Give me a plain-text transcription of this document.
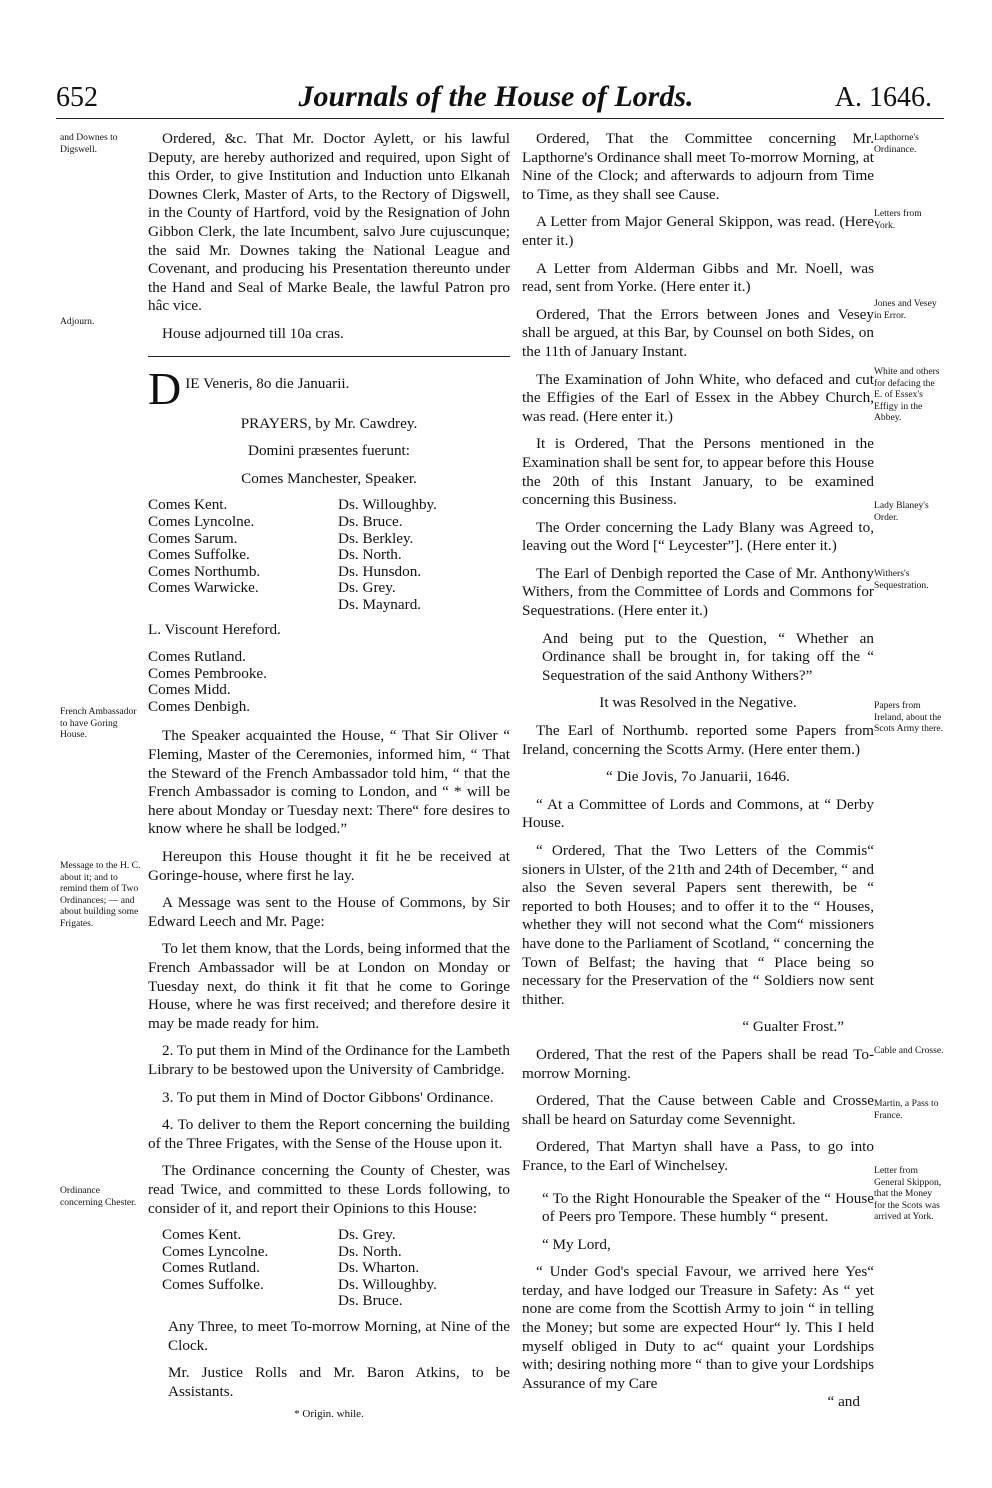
652	Journals of the House of Lords.	A. 1646.
and Downes to Digswell.
Adjourn.
French Ambassador to have Goring House.
Message to the H. C. about it; and to remind them of Two Ordinances; — and about building some Frigates.
Ordinance concerning Chester.
Lapthorne's Ordinance.
Letters from York.
Jones and Vesey in Error.
White and others for defacing the E. of Essex's Effigy in the Abbey.
Lady Blaney's Order.
Withers's Sequestration.
Papers from Ireland, about the Scots Army there.
Cable and Crosse.
Martin, a Pass to France.
Letter from General Skippon, that the Money for the Scots was arrived at York.

Ordered, &c. That Mr. Doctor Aylett, or his lawful Deputy, are hereby authorized and required, upon Sight of this Order, to give Institution and Induction unto Elkanah Downes Clerk, Master of Arts, to the Rectory of Digswell, in the County of Hartford, void by the Resignation of John Gibbon Clerk, the late Incumbent, salvo Jure cujuscunque; the said Mr. Downes taking the National League and Covenant, and producing his Presentation thereunto under the Hand and Seal of Marke Beale, the lawful Patron pro hâc vice.

House adjourned till 10a cras.

D IE Veneris, 8o die Januarii.

PRAYERS, by Mr. Cawdrey.

Domini præsentes fuerunt:

Comes Manchester, Speaker.

Comes Kent.
Comes Lyncolne.
Comes Sarum.
Comes Suffolke.
Comes Northumb.
Comes Warwicke.
Ds. Willoughby.
Ds. Bruce.
Ds. Berkley.
Ds. North.
Ds. Hunsdon.
Ds. Grey.
Ds. Maynard.

L. Viscount Hereford.

Comes Rutland.
Comes Pembrooke.
Comes Midd.
Comes Denbigh.

The Speaker acquainted the House, “ That Sir Oliver “ Fleming, Master of the Ceremonies, informed him, “ That the Steward of the French Ambassador told him, “ that the French Ambassador is coming to London, and “ * will be here about Monday or Tuesday next: There“ fore desires to know where he shall be lodged.”

Hereupon this House thought it fit he be received at Goringe-house, where first he lay.

A Message was sent to the House of Commons, by Sir Edward Leech and Mr. Page:

To let them know, that the Lords, being informed that the French Ambassador will be at London on Monday or Tuesday next, do think it fit that he come to Goringe House, where he was first received; and therefore desire it may be made ready for him.

2. To put them in Mind of the Ordinance for the Lambeth Library to be bestowed upon the University of Cambridge.

3. To put them in Mind of Doctor Gibbons' Ordinance.

4. To deliver to them the Report concerning the building of the Three Frigates, with the Sense of the House upon it.

The Ordinance concerning the County of Chester, was read Twice, and committed to these Lords following, to consider of it, and report their Opinions to this House:

Comes Kent.
Comes Lyncolne.
Comes Rutland.
Comes Suffolke.
Ds. Grey.
Ds. North.
Ds. Wharton.
Ds. Willoughby.
Ds. Bruce.

Any Three, to meet To-morrow Morning, at Nine of the Clock.

Mr. Justice Rolls and Mr. Baron Atkins, to be Assistants.

* Origin. while.

Ordered, That the Committee concerning Mr. Lapthorne's Ordinance shall meet To-morrow Morning, at Nine of the Clock; and afterwards to adjourn from Time to Time, as they shall see Cause.

A Letter from Major General Skippon, was read. (Here enter it.)

A Letter from Alderman Gibbs and Mr. Noell, was read, sent from Yorke. (Here enter it.)

Ordered, That the Errors between Jones and Vesey shall be argued, at this Bar, by Counsel on both Sides, on the 11th of January Instant.

The Examination of John White, who defaced and cut the Effigies of the Earl of Essex in the Abbey Church, was read. (Here enter it.)

It is Ordered, That the Persons mentioned in the Examination shall be sent for, to appear before this House the 20th of this Instant January, to be examined concerning this Business.

The Order concerning the Lady Blany was Agreed to, leaving out the Word [“ Leycester”]. (Here enter it.)

The Earl of Denbigh reported the Case of Mr. Anthony Withers, from the Committee of Lords and Commons for Sequestrations. (Here enter it.)

And being put to the Question, “ Whether an Ordinance shall be brought in, for taking off the “ Sequestration of the said Anthony Withers?”

It was Resolved in the Negative.

The Earl of Northumb. reported some Papers from Ireland, concerning the Scotts Army. (Here enter them.)

“ Die Jovis, 7o Januarii, 1646.

“ At a Committee of Lords and Commons, at “ Derby House.

“ Ordered, That the Two Letters of the Commis“ sioners in Ulster, of the 21th and 24th of December, “ and also the Seven several Papers sent therewith, be “ reported to both Houses; and to offer it to the “ Houses, whether they will not second what the Com“ missioners have done to the Parliament of Scotland, “ concerning the Town of Belfast; the having that “ Place being so necessary for the Preservation of the “ Soldiers now sent thither.

“ Gualter Frost.”

Ordered, That the rest of the Papers shall be read To-morrow Morning.

Ordered, That the Cause between Cable and Crosse shall be heard on Saturday come Sevennight.

Ordered, That Martyn shall have a Pass, to go into France, to the Earl of Winchelsey.

“ To the Right Honourable the Speaker of the “ House of Peers pro Tempore. These humbly “ present.

“ My Lord,

“ Under God's special Favour, we arrived here Yes“ terday, and have lodged our Treasure in Safety: As “ yet none are come from the Scottish Army to join “ in telling the Money; but some are expected Hour“ ly. This I held myself obliged in Duty to ac“ quaint your Lordships with; desiring nothing more “ than to give your Lordships Assurance of my Care

“ and
